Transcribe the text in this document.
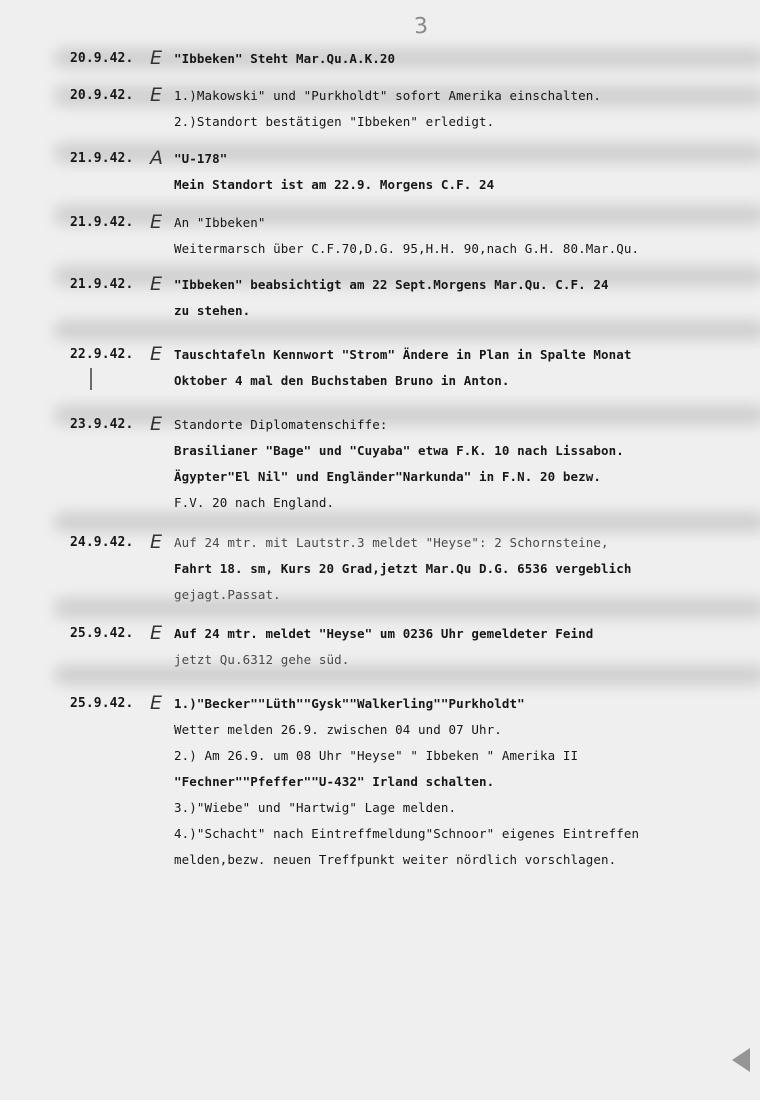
3
20.9.42. E "Ibbeken" Steht Mar.Qu.A.K.20
20.9.42. E 1.)Makowski" und "Purkholdt" sofort Amerika einschalten.
2.)Standort bestätigen "Ibbeken" erledigt.
21.9.42. A "U-178"
Mein Standort ist am 22.9. Morgens C.F. 24
21.9.42. E An "Ibbeken"
Weitermarsch über C.F.70,D.G. 95,H.H. 90,nach G.H. 80.Mar.Qu.
21.9.42. E "Ibbeken" beabsichtigt am 22 Sept.Morgens Mar.Qu. C.F. 24
zu stehen.
22.9.42. E Tauschtafeln Kennwort "Strom" Ändere in Plan in Spalte Monat
Oktober 4 mal den Buchstaben Bruno in Anton.
23.9.42. E Standorte Diplomatenschiffe:
Brasilianer "Bage" und "Cuyaba" etwa F.K. 10 nach Lissabon.
Ägypter"El Nil" und Engländer"Narkunda" in F.N. 20 bezw.
F.V. 20 nach England.
24.9.42. E Auf 24 mtr. mit Lautstr.3 meldet "Heyse": 2 Schornsteine,
Fahrt 18. sm, Kurs 20 Grad,jetzt Mar.Qu D.G. 6536 vergeblich
gejagt.Passat.
25.9.42. E Auf 24 mtr. meldet "Heyse" um 0236 Uhr gemeldeter Feind
jetzt Qu.6312 gehe süd.
25.9.42. E 1.)"Becker""Lüth""Gysk""Walkerling""Purkholdt"
Wetter melden 26.9. zwischen 04 und 07 Uhr.
2.) Am 26.9. um 08 Uhr "Heyse" " Ibbeken " Amerika II
"Fechner""Pfeffer""U-432" Irland schalten.
3.)"Wiebe" und "Hartwig" Lage melden.
4.)"Schacht" nach Eintreffmeldung"Schnoor" eigenes Eintreffen
melden,bezw. neuen Treffpunkt weiter nördlich vorschlagen.
